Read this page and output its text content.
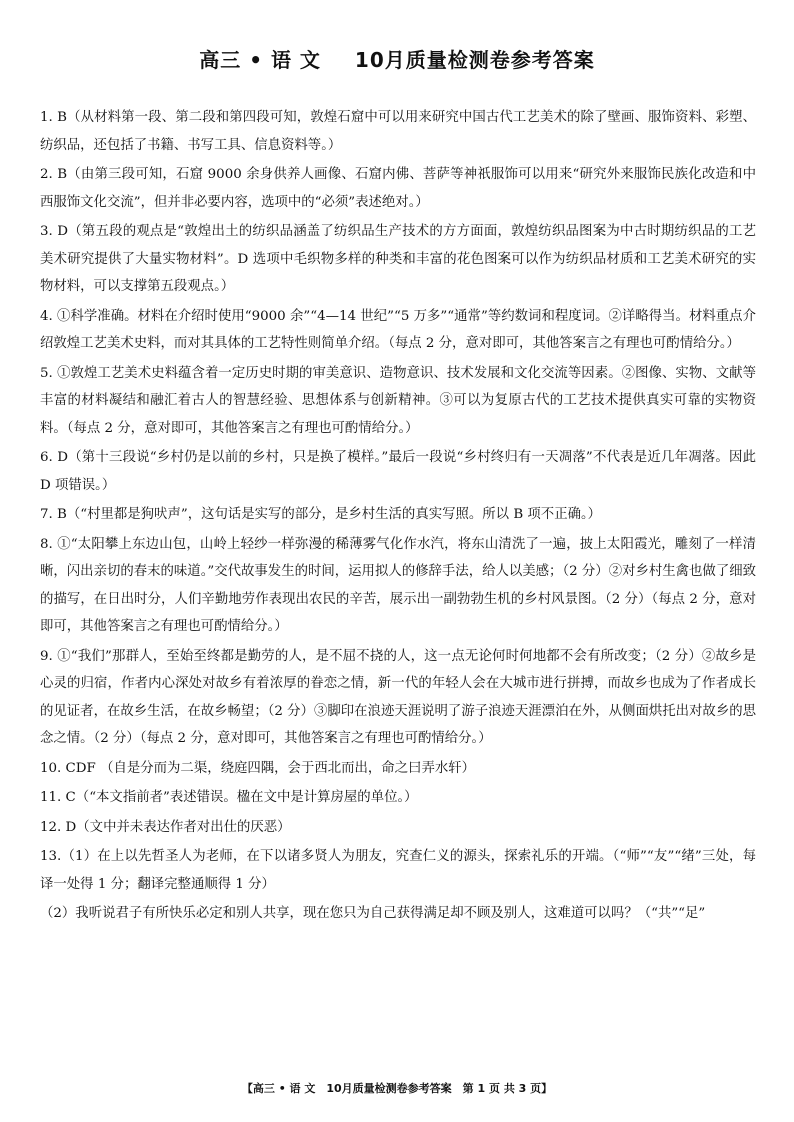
高三 • 语 文 10月质量检测卷参考答案

1. B（从材料第一段、第二段和第四段可知，敦煌石窟中可以用来研究中国古代工艺美术的除了壁画、服饰资料、彩塑、纺织品，还包括了书籍、书写工具、信息资料等。）

2. B（由第三段可知，石窟 9000 余身供养人画像、石窟内佛、菩萨等神祇服饰可以用来“研究外来服饰民族化改造和中西服饰文化交流”，但并非必要内容，选项中的“必须”表述绝对。）

3. D（第五段的观点是“敦煌出土的纺织品涵盖了纺织品生产技术的方方面面，敦煌纺织品图案为中古时期纺织品的工艺美术研究提供了大量实物材料”。D 选项中毛织物多样的种类和丰富的花色图案可以作为纺织品材质和工艺美术研究的实物材料，可以支撑第五段观点。）

4. ①科学准确。材料在介绍时使用“9000 余”“4—14 世纪”“5 万多”“通常”等约数词和程度词。②详略得当。材料重点介绍敦煌工艺美术史料，而对其具体的工艺特性则简单介绍。（每点 2 分，意对即可，其他答案言之有理也可酌情给分。）

5. ①敦煌工艺美术史料蕴含着一定历史时期的审美意识、造物意识、技术发展和文化交流等因素。②图像、实物、文献等丰富的材料凝结和融汇着古人的智慧经验、思想体系与创新精神。③可以为复原古代的工艺技术提供真实可靠的实物资料。（每点 2 分，意对即可，其他答案言之有理也可酌情给分。）

6. D（第十三段说“乡村仍是以前的乡村，只是换了模样。”最后一段说“乡村终归有一天凋落”不代表是近几年凋落。因此 D 项错误。）

7. B（“村里都是狗吠声”，这句话是实写的部分，是乡村生活的真实写照。所以 B 项不正确。）

8. ①“太阳攀上东边山包，山岭上轻纱一样弥漫的稀薄雾气化作水汽，将东山清洗了一遍，披上太阳霞光，雕刻了一样清晰，闪出亲切的春末的味道。”交代故事发生的时间，运用拟人的修辞手法，给人以美感；（2 分）②对乡村生禽也做了细致的描写，在日出时分，人们辛勤地劳作表现出农民的辛苦，展示出一副勃勃生机的乡村风景图。（2 分）（每点 2 分，意对即可，其他答案言之有理也可酌情给分。）

9. ①“我们”那群人，至始至终都是勤劳的人，是不屈不挠的人，这一点无论何时何地都不会有所改变；（2 分）②故乡是心灵的归宿，作者内心深处对故乡有着浓厚的眷恋之情，新一代的年轻人会在大城市进行拼搏，而故乡也成为了作者成长的见证者，在故乡生活，在故乡畅望；（2 分）③脚印在浪迹天涯说明了游子浪迹天涯漂泊在外，从侧面烘托出对故乡的思念之情。（2 分）（每点 2 分，意对即可，其他答案言之有理也可酌情给分。）

10. CDF （自是分而为二渠，绕庭四隅，会于西北而出，命之曰弄水轩）

11. C（“本文指前者”表述错误。楹在文中是计算房屋的单位。）

12. D（文中并未表达作者对出仕的厌恶）

13.（1）在上以先哲圣人为老师，在下以诸多贤人为朋友，究查仁义的源头，探索礼乐的开端。（“师”“友”“绪”三处，每译一处得 1 分；翻译完整通顺得 1 分）

（2）我听说君子有所快乐必定和别人共享，现在您只为自己获得满足却不顾及别人，这难道可以吗？（“共”“足”

【高三 • 语 文　10月质量检测卷参考答案　第 1 页 共 3 页】
